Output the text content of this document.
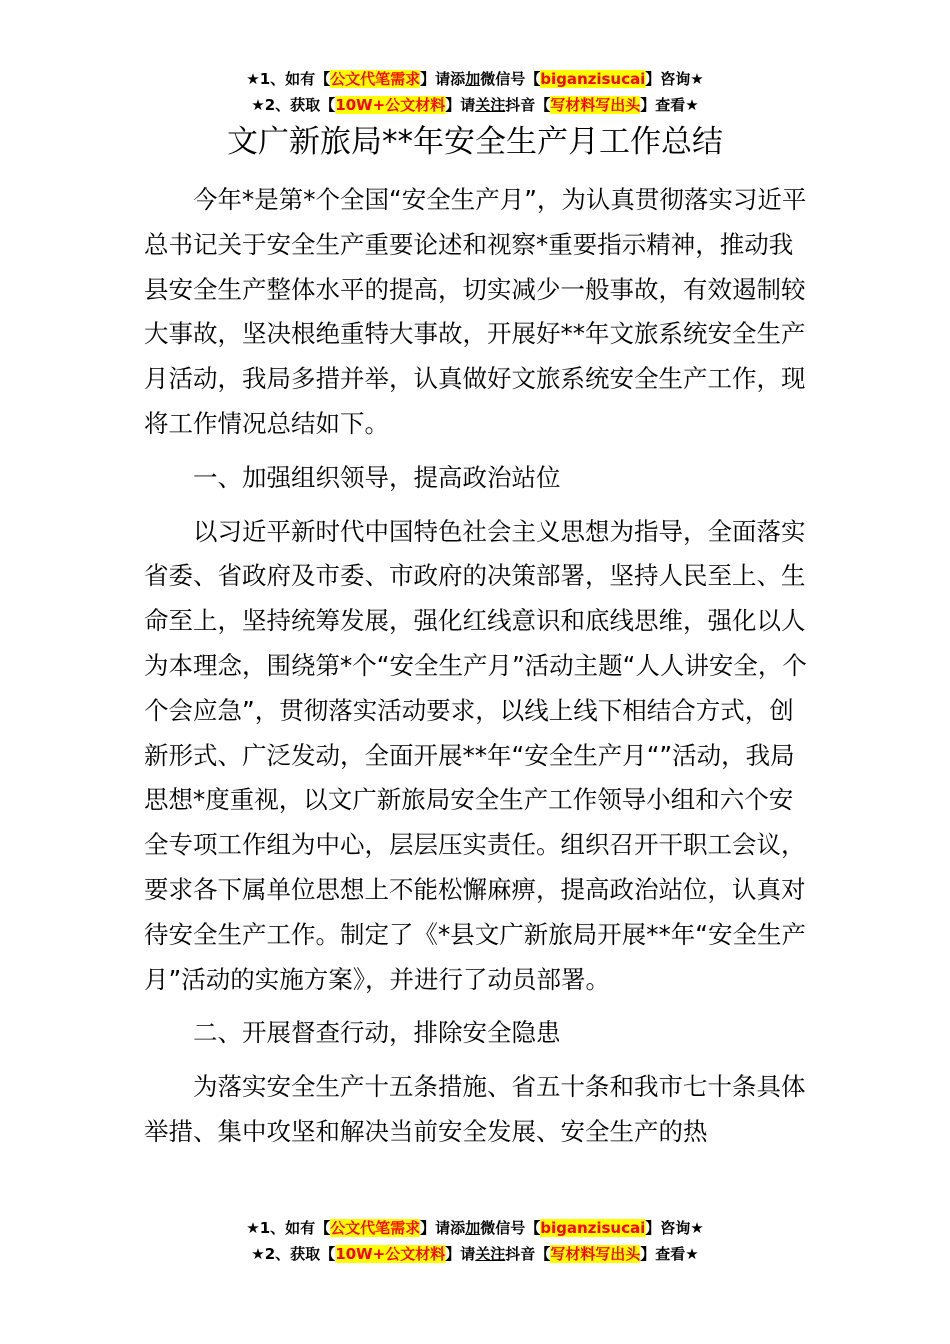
★1、如有【公文代笔需求】请添加微信号【biganzisucai】咨询★
★2、获取【10W+公文材料】请关注抖音【写材料写出头】查看★
文广新旅局**年安全生产月工作总结

今年*是第*个全国“安全生产月”，为认真贯彻落实习近平总书记关于安全生产重要论述和视察*重要指示精神，推动我县安全生产整体水平的提高，切实减少一般事故，有效遏制较大事故，坚决根绝重特大事故，开展好**年文旅系统安全生产月活动，我局多措并举，认真做好文旅系统安全生产工作，现将工作情况总结如下。

一、加强组织领导，提高政治站位

以习近平新时代中国特色社会主义思想为指导，全面落实省委、省政府及市委、市政府的决策部署，坚持人民至上、生命至上，坚持统筹发展，强化红线意识和底线思维，强化以人为本理念，围绕第*个“安全生产月”活动主题“人人讲安全，个个会应急”，贯彻落实活动要求，以线上线下相结合方式，创新形式、广泛发动，全面开展**年“安全生产月“”活动，我局思想*度重视，以文广新旅局安全生产工作领导小组和六个安全专项工作组为中心，层层压实责任。组织召开干职工会议，要求各下属单位思想上不能松懈麻痹，提高政治站位，认真对待安全生产工作。制定了《*县文广新旅局开展**年“安全生产月”活动的实施方案》，并进行了动员部署。

二、开展督查行动，排除安全隐患

为落实安全生产十五条措施、省五十条和我市七十条具体举措、集中攻坚和解决当前安全发展、安全生产的热

★1、如有【公文代笔需求】请添加微信号【biganzisucai】咨询★
★2、获取【10W+公文材料】请关注抖音【写材料写出头】查看★
